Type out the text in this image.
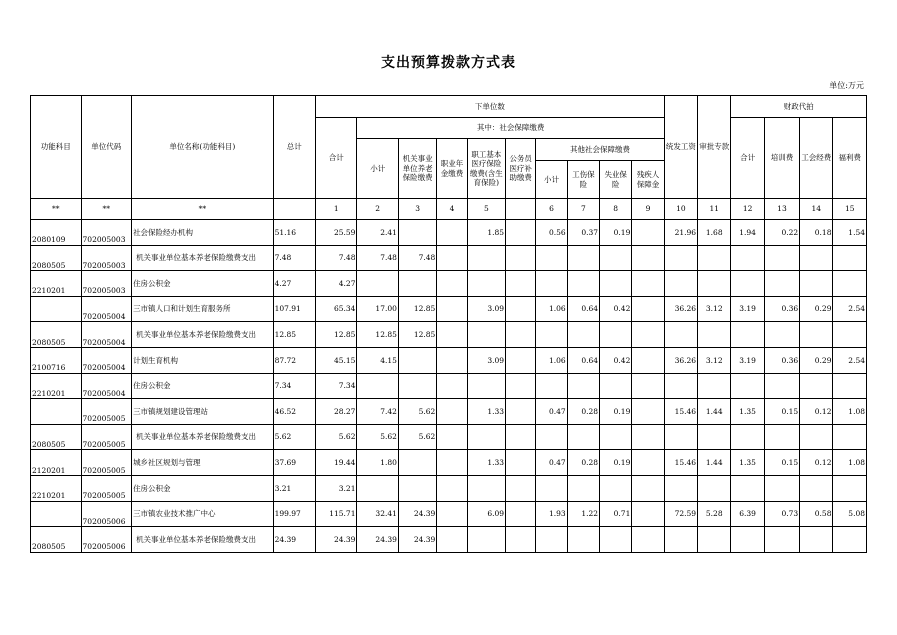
支出预算拨款方式表
单位:万元
功能科目	单位代码	单位名称(功能科目)	总计	下单位数										统发工资	审批专款	财政代拍			
				合计	其中：社会保障缴费											合计	培训费	工会经费	福利费
					小计	机关事业单位养老保险缴费	职业年金缴费	职工基本医疗保险缴费(含生育保险)	公务员医疗补助缴费	其他社会保障缴费									
										小计	工伤保险	失业保险	残疾人保障金						
**	**	**		1	2	3	4	5		6	7	8	9	10	11	12	13	14	15
2080109	702005003	社会保险经办机构	51.16	25.59	2.41			1.85		0.56	0.37	0.19		21.96	1.68	1.94	0.22	0.18	1.54
2080505	702005003	机关事业单位基本养老保险缴费支出	7.48	7.48	7.48	7.48													
2210201	702005003	住房公积金	4.27	4.27															
	702005004	三市镇人口和计划生育服务所	107.91	65.34	17.00	12.85		3.09		1.06	0.64	0.42		36.26	3.12	3.19	0.36	0.29	2.54
2080505	702005004	机关事业单位基本养老保险缴费支出	12.85	12.85	12.85	12.85													
2100716	702005004	计划生育机构	87.72	45.15	4.15			3.09		1.06	0.64	0.42		36.26	3.12	3.19	0.36	0.29	2.54
2210201	702005004	住房公积金	7.34	7.34															
	702005005	三市镇规划建设管理站	46.52	28.27	7.42	5.62		1.33		0.47	0.28	0.19		15.46	1.44	1.35	0.15	0.12	1.08
2080505	702005005	机关事业单位基本养老保险缴费支出	5.62	5.62	5.62	5.62													
2120201	702005005	城乡社区规划与管理	37.69	19.44	1.80			1.33		0.47	0.28	0.19		15.46	1.44	1.35	0.15	0.12	1.08
2210201	702005005	住房公积金	3.21	3.21															
	702005006	三市镇农业技术推广中心	199.97	115.71	32.41	24.39		6.09		1.93	1.22	0.71		72.59	5.28	6.39	0.73	0.58	5.08
2080505	702005006	机关事业单位基本养老保险缴费支出	24.39	24.39	24.39	24.39													
